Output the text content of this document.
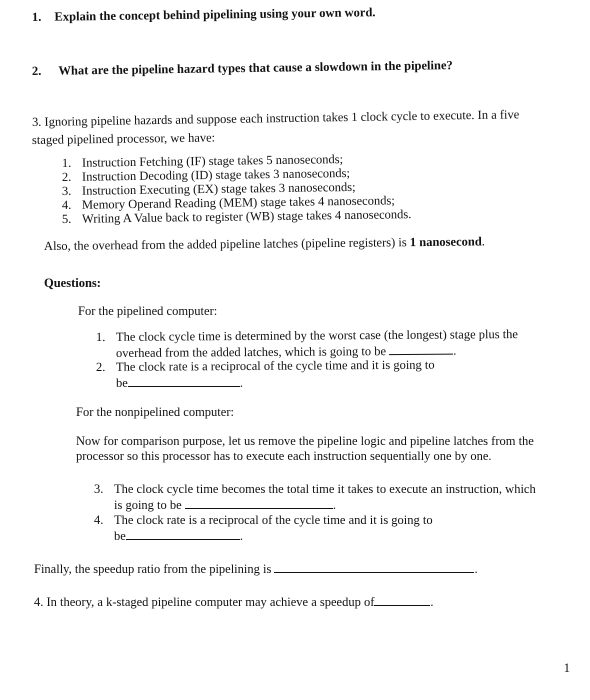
1. Explain the concept behind pipelining using your own word.
2. What are the pipeline hazard types that cause a slowdown in the pipeline?
3. Ignoring pipeline hazards and suppose each instruction takes 1 clock cycle to execute. In a five
staged pipelined processor, we have:
1. Instruction Fetching (IF) stage takes 5 nanoseconds;
2. Instruction Decoding (ID) stage takes 3 nanoseconds;
3. Instruction Executing (EX) stage takes 3 nanoseconds;
4. Memory Operand Reading (MEM) stage takes 4 nanoseconds;
5. Writing A Value back to register (WB) stage takes 4 nanoseconds.
Also, the overhead from the added pipeline latches (pipeline registers) is 1 nanosecond.
Questions:
For the pipelined computer:
1. The clock cycle time is determined by the worst case (the longest) stage plus the
overhead from the added latches, which is going to be	.
2. The clock rate is a reciprocal of the cycle time and it is going to
be	.
For the nonpipelined computer:
Now for comparison purpose, let us remove the pipeline logic and pipeline latches from the
processor so this processor has to execute each instruction sequentially one by one.
3. The clock cycle time becomes the total time it takes to execute an instruction, which
is going to be	.
4. The clock rate is a reciprocal of the cycle time and it is going to
be	.
Finally, the speedup ratio from the pipelining is	.
4. In theory, a k-staged pipeline computer may achieve a speedup of	.
1
